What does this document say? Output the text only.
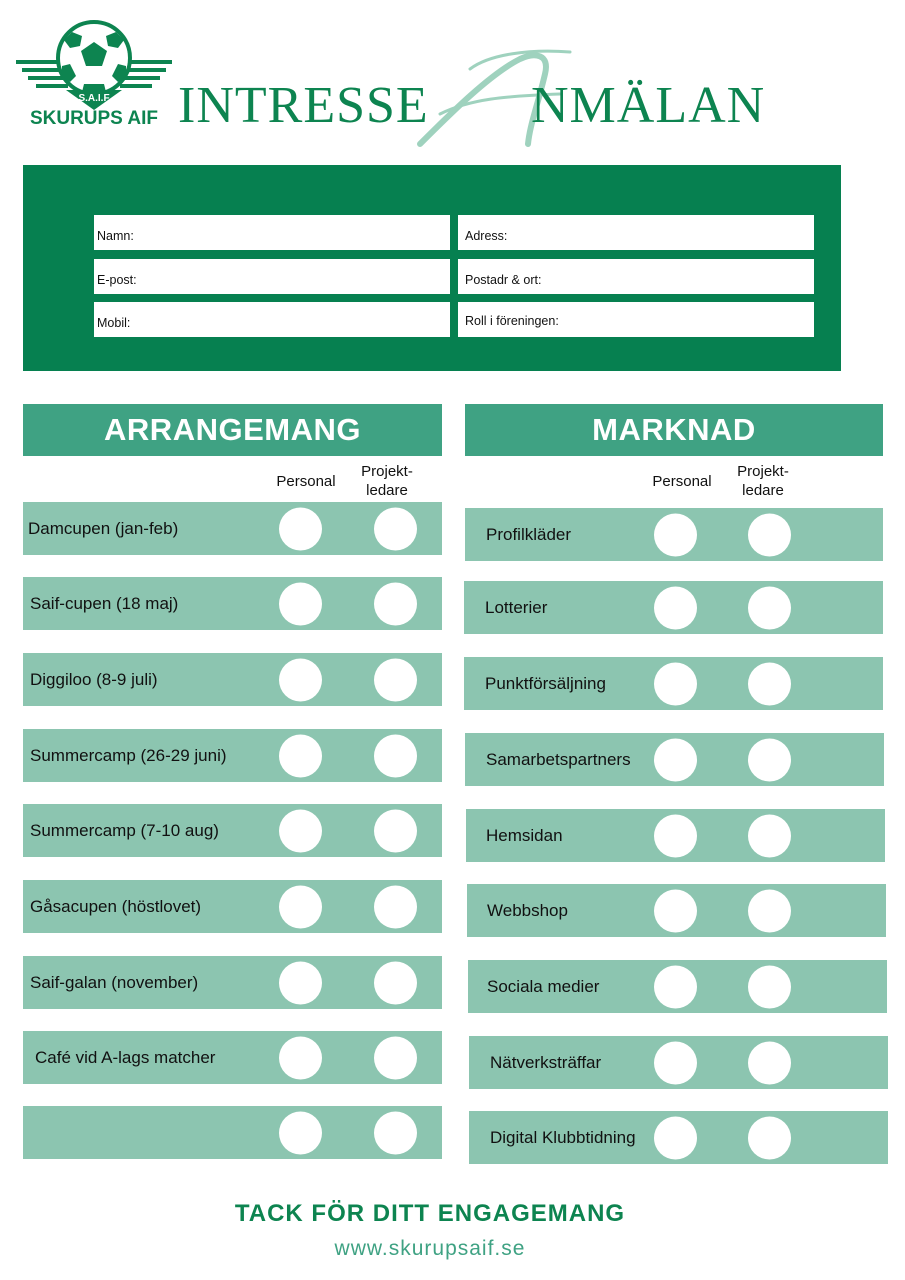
S.A.I.F
SKURUPS AIF INTRESSE
A
NMÄLAN
Namn:	Adress:
E-post:	Postadr & ort:
Mobil:	Roll i föreningen:
ARRANGEMANG	MARKNAD
Personal
Projekt-
ledare
Personal
Projekt-
ledare
Damcupen (jan-feb)
Saif-cupen (18 maj)
Diggiloo (8-9 juli)
Summercamp (26-29 juni)
Summercamp (7-10 aug)
Gåsacupen (höstlovet)
Saif-galan (november)
Café vid A-lags matcher
Profilkläder
Lotterier
Punktförsäljning
Samarbetspartners
Hemsidan
Webbshop
Sociala medier
Nätverksträffar
Digital Klubbtidning
TACK FÖR DITT ENGAGEMANG
www.skurupsaif.se
